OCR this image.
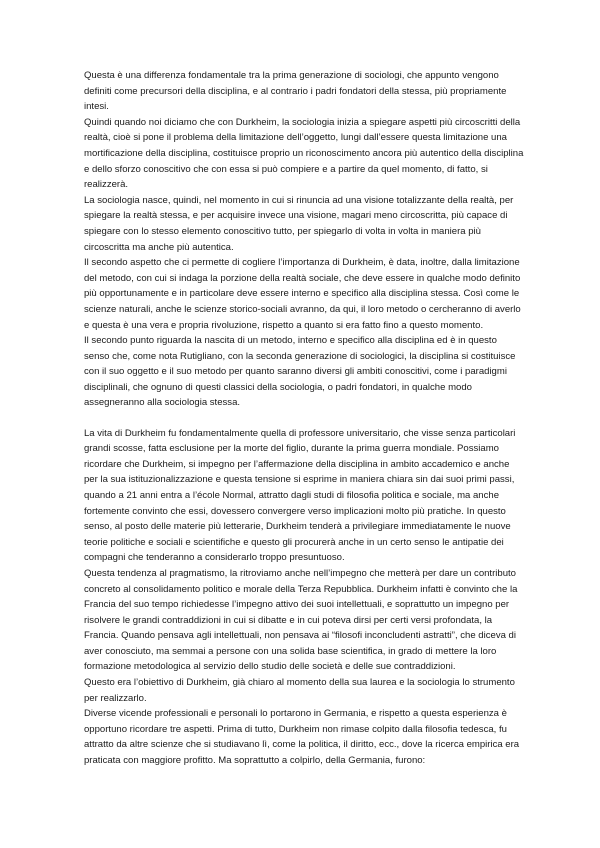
Questa è una differenza fondamentale tra la prima generazione di sociologi, che appunto vengono definiti come precursori della disciplina, e al contrario i padri fondatori della stessa, più propriamente intesi.

Quindi quando noi diciamo che con Durkheim, la sociologia inizia a spiegare aspetti più circoscritti della realtà, cioè si pone il problema della limitazione dell’oggetto, lungi dall’essere questa limitazione una mortificazione della disciplina, costituisce proprio un riconoscimento ancora più autentico della disciplina e dello sforzo conoscitivo che con essa si può compiere e a partire da quel momento, di fatto, si realizzerà.

La sociologia nasce, quindi, nel momento in cui si rinuncia ad una visione totalizzante della realtà, per spiegare la realtà stessa, e per acquisire invece una visione, magari meno circoscritta, più capace di spiegare con lo stesso elemento conoscitivo tutto, per spiegarlo di volta in volta in maniera più circoscritta ma anche più autentica.

Il secondo aspetto che ci permette di cogliere l’importanza di Durkheim, è data, inoltre, dalla limitazione del metodo, con cui si indaga la porzione della realtà sociale, che deve essere in qualche modo definito più opportunamente e in particolare deve essere interno e specifico alla disciplina stessa. Così come le scienze naturali, anche le scienze storico-sociali avranno, da qui, il loro metodo o cercheranno di averlo e questa è una vera e propria rivoluzione, rispetto a quanto si era fatto fino a questo momento.

Il secondo punto riguarda la nascita di un metodo, interno e specifico alla disciplina ed è in questo senso che, come nota Rutigliano, con la seconda generazione di sociologici, la disciplina si costituisce con il suo oggetto e il suo metodo per quanto saranno diversi gli ambiti conoscitivi, come i paradigmi disciplinali, che ognuno di questi classici della sociologia, o padri fondatori, in qualche modo assegneranno alla sociologia stessa.

La vita di Durkheim fu fondamentalmente quella di professore universitario, che visse senza particolari grandi scosse, fatta esclusione per la morte del figlio, durante la prima guerra mondiale. Possiamo ricordare che Durkheim, si impegno per l’affermazione della disciplina in ambito accademico e anche per la sua istituzionalizzazione e questa tensione si esprime in maniera chiara sin dai suoi primi passi, quando a 21 anni entra a l’école Normal, attratto dagli studi di filosofia politica e sociale, ma anche fortemente convinto che essi, dovessero convergere verso implicazioni molto più pratiche. In questo senso, al posto delle materie più letterarie, Durkheim tenderà a privilegiare immediatamente le nuove teorie politiche e sociali e scientifiche e questo gli procurerà anche in un certo senso le antipatie dei compagni che tenderanno a considerarlo troppo presuntuoso.

Questa tendenza al pragmatismo, la ritroviamo anche nell’impegno che metterà per dare un contributo concreto al consolidamento politico e morale della Terza Repubblica. Durkheim infatti è convinto che la Francia del suo tempo richiedesse l’impegno attivo dei suoi intellettuali, e soprattutto un impegno per risolvere le grandi contraddizioni in cui si dibatte e in cui poteva dirsi per certi versi profondata, la Francia. Quando pensava agli intellettuali, non pensava ai “filosofi inconcludenti astratti”, che diceva di aver conosciuto, ma semmai a persone con una solida base scientifica, in grado di mettere la loro formazione metodologica al servizio dello studio delle società e delle sue contraddizioni.

Questo era l’obiettivo di Durkheim, già chiaro al momento della sua laurea e la sociologia lo strumento per realizzarlo.

Diverse vicende professionali e personali lo portarono in Germania, e rispetto a questa esperienza è opportuno ricordare tre aspetti. Prima di tutto, Durkheim non rimase colpito dalla filosofia tedesca, fu attratto da altre scienze che si studiavano lì, come la politica, il diritto, ecc., dove la ricerca empirica era praticata con maggiore profitto. Ma soprattutto a colpirlo, della Germania, furono:
